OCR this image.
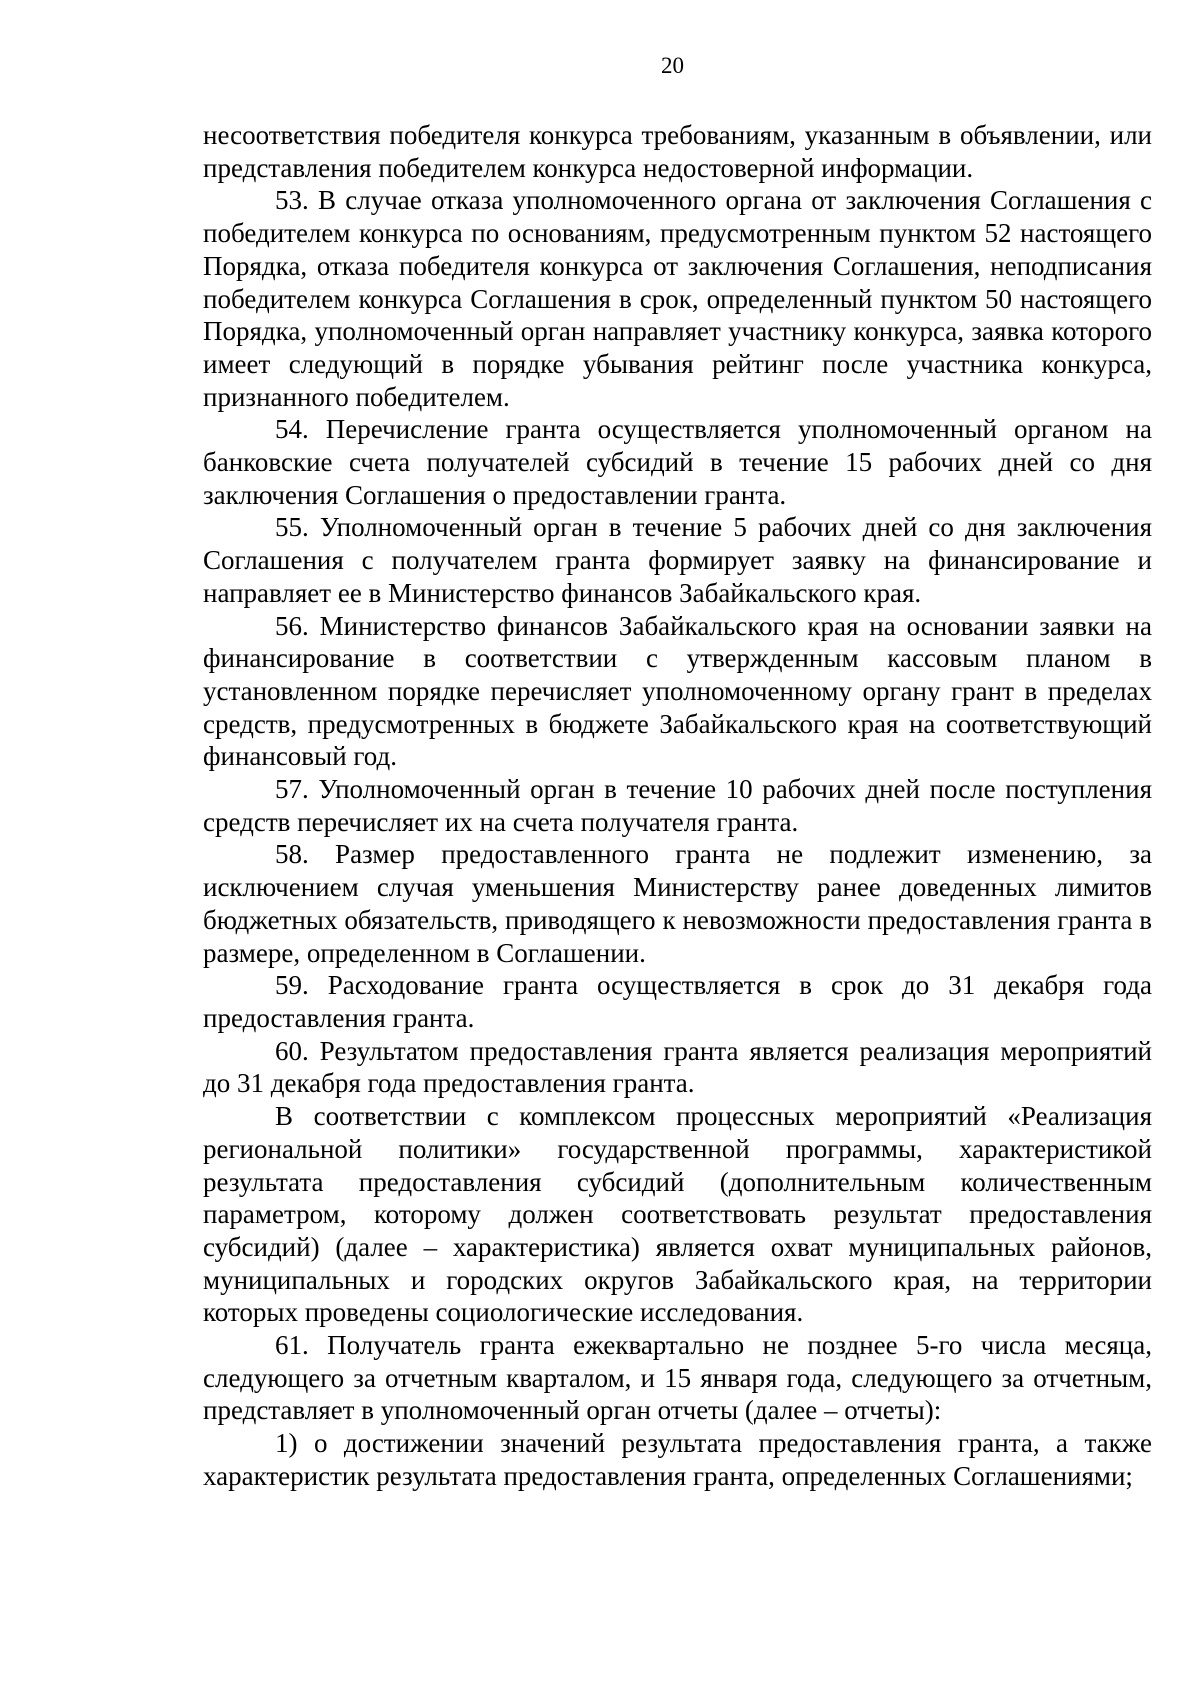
20

несоответствия победителя конкурса требованиям, указанным в объявлении, или представления победителем конкурса недостоверной информации.

53. В случае отказа уполномоченного органа от заключения Соглашения с победителем конкурса по основаниям, предусмотренным пунктом 52 настоящего Порядка, отказа победителя конкурса от заключения Соглашения, неподписания победителем конкурса Соглашения в срок, определенный пунктом 50 настоящего Порядка, уполномоченный орган направляет участнику конкурса, заявка которого имеет следующий в порядке убывания рейтинг после участника конкурса, признанного победителем.

54. Перечисление гранта осуществляется уполномоченный органом на банковские счета получателей субсидий в течение 15 рабочих дней со дня заключения Соглашения о предоставлении гранта.

55. Уполномоченный орган в течение 5 рабочих дней со дня заключения Соглашения с получателем гранта формирует заявку на финансирование и направляет ее в Министерство финансов Забайкальского края.

56. Министерство финансов Забайкальского края на основании заявки на финансирование в соответствии с утвержденным кассовым планом в установленном порядке перечисляет уполномоченному органу грант в пределах средств, предусмотренных в бюджете Забайкальского края на соответствующий финансовый год.

57. Уполномоченный орган в течение 10 рабочих дней после поступления средств перечисляет их на счета получателя гранта.

58. Размер предоставленного гранта не подлежит изменению, за исключением случая уменьшения Министерству ранее доведенных лимитов бюджетных обязательств, приводящего к невозможности предоставления гранта в размере, определенном в Соглашении.

59. Расходование гранта осуществляется в срок до 31 декабря года предоставления гранта.

60. Результатом предоставления гранта является реализация мероприятий до 31 декабря года предоставления гранта.

В соответствии с комплексом процессных мероприятий «Реализация региональной политики» государственной программы, характеристикой результата предоставления субсидий (дополнительным количественным параметром, которому должен соответствовать результат предоставления субсидий) (далее – характеристика) является охват муниципальных районов, муниципальных и городских округов Забайкальского края, на территории которых проведены социологические исследования.

61. Получатель гранта ежеквартально не позднее 5-го числа месяца, следующего за отчетным кварталом, и 15 января года, следующего за отчетным, представляет в уполномоченный орган отчеты (далее – отчеты):

1) о достижении значений результата предоставления гранта, а также характеристик результата предоставления гранта, определенных Соглашениями;
